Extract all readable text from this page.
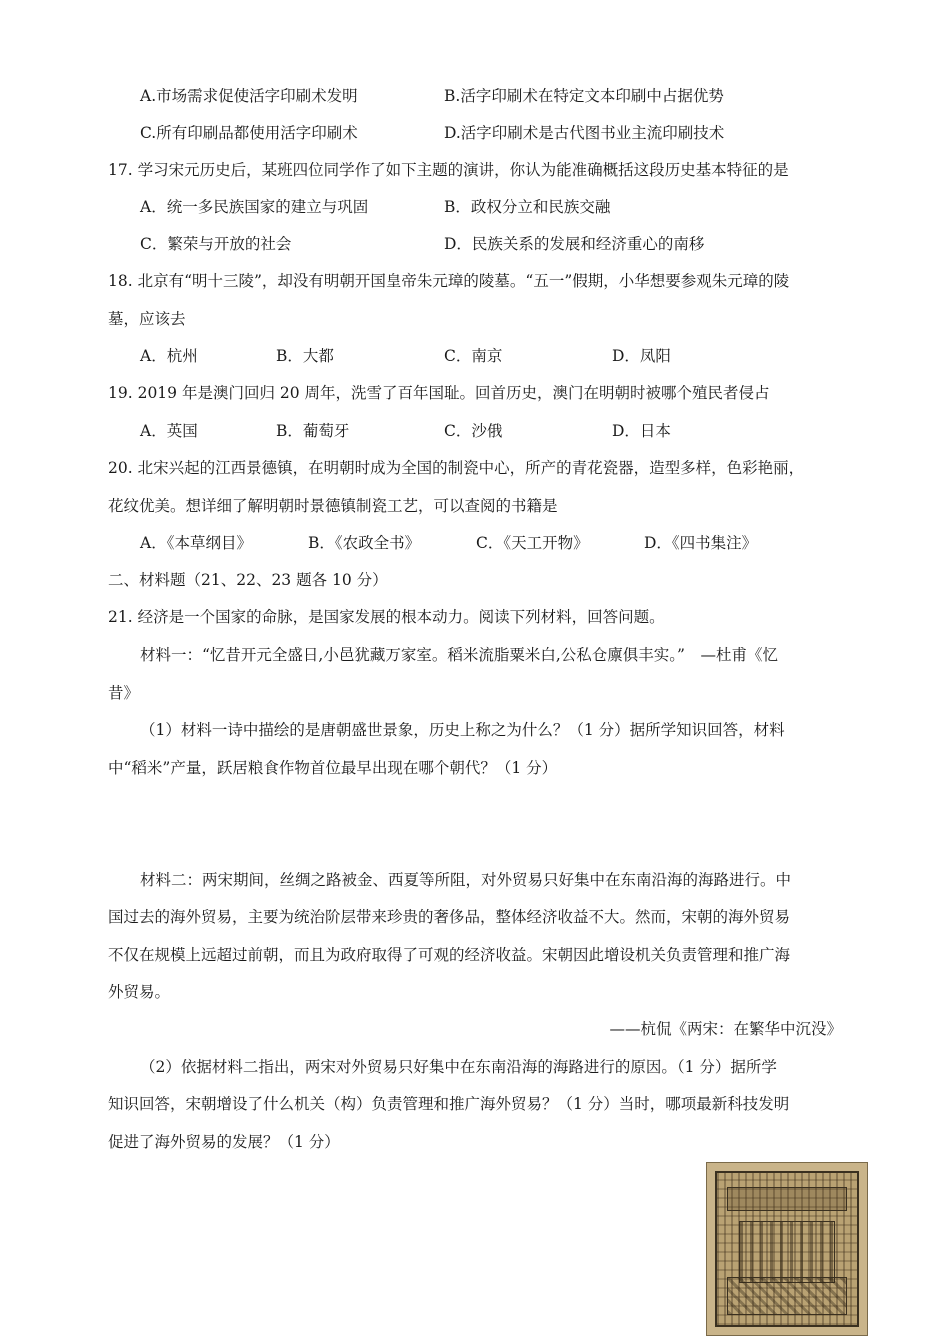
A.市场需求促使活字印刷术发明	B.活字印刷术在特定文本印刷中占据优势
C.所有印刷品都使用活字印刷术	D.活字印刷术是古代图书业主流印刷技术
17. 学习宋元历史后，某班四位同学作了如下主题的演讲，你认为能准确概括这段历史基本特征的是
A．统一多民族国家的建立与巩固	B．政权分立和民族交融
C．繁荣与开放的社会	D．民族关系的发展和经济重心的南移
18. 北京有“明十三陵”，却没有明朝开国皇帝朱元璋的陵墓。“五一”假期，小华想要参观朱元璋的陵
墓，应该去
A．杭州	B．大都	C．南京	D．凤阳
19. 2019 年是澳门回归 20 周年，洗雪了百年国耻。回首历史，澳门在明朝时被哪个殖民者侵占
A．英国	B．葡萄牙	C．沙俄	D．日本
20. 北宋兴起的江西景德镇，在明朝时成为全国的制瓷中心，所产的青花瓷器，造型多样，色彩艳丽，
花纹优美。想详细了解明朝时景德镇制瓷工艺，可以查阅的书籍是
A．《本草纲目》	B．《农政全书》	C．《天工开物》	D．《四书集注》
二、材料题（21、22、23 题各 10 分）
21. 经济是一个国家的命脉，是国家发展的根本动力。阅读下列材料，回答问题。
材料一：“忆昔开元全盛日,小邑犹藏万家室。稻米流脂粟米白,公私仓廪俱丰实。”　—杜甫《忆
昔》
（1）材料一诗中描绘的是唐朝盛世景象，历史上称之为什么？（1 分）据所学知识回答，材料
中“稻米”产量，跃居粮食作物首位最早出现在哪个朝代？（1 分）
材料二：两宋期间，丝绸之路被金、西夏等所阻，对外贸易只好集中在东南沿海的海路进行。中
国过去的海外贸易，主要为统治阶层带来珍贵的奢侈品，整体经济收益不大。然而，宋朝的海外贸易
不仅在规模上远超过前朝，而且为政府取得了可观的经济收益。宋朝因此增设机关负责管理和推广海
外贸易。
——杭侃《两宋：在繁华中沉没》
（2）依据材料二指出，两宋对外贸易只好集中在东南沿海的海路进行的原因。（1 分）据所学
知识回答，宋朝增设了什么机关（构）负责管理和推广海外贸易？（1 分）当时，哪项最新科技发明
促进了海外贸易的发展？（1 分）
